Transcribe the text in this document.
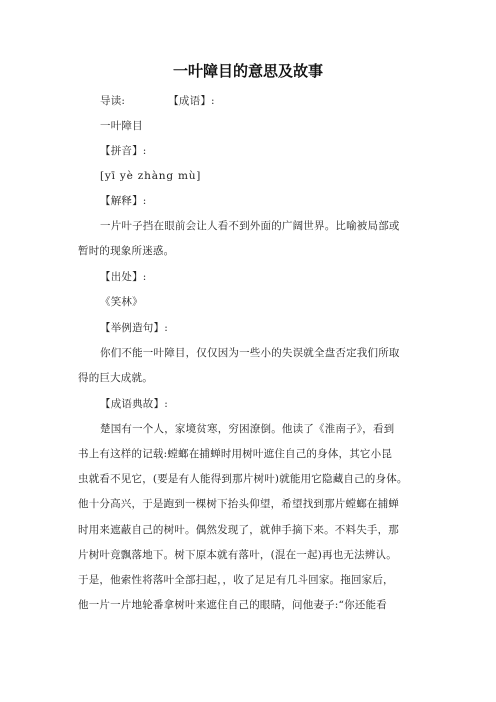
一叶障目的意思及故事
导读:	【成语】:
一叶障目
【拼音】:
[yī yè zhàng mù]
【解释】:
一片叶子挡在眼前会让人看不到外面的广阔世界。比喻被局部或
暂时的现象所迷惑。
【出处】:
《笑林》
【举例造句】:
你们不能一叶障目，仅仅因为一些小的失误就全盘否定我们所取
得的巨大成就。
【成语典故】:
楚国有一个人，家境贫寒，穷困潦倒。他读了《淮南子》，看到
书上有这样的记载:螳螂在捕蝉时用树叶遮住自己的身体，其它小昆
虫就看不见它，(要是有人能得到那片树叶)就能用它隐藏自己的身体。
他十分高兴，于是跑到一棵树下抬头仰望，希望找到那片螳螂在捕蝉
时用来遮蔽自己的树叶。偶然发现了，就伸手摘下来。不料失手，那
片树叶竟飘落地下。树下原本就有落叶，(混在一起)再也无法辨认。
于是，他索性将落叶全部扫起，，收了足足有几斗回家。拖回家后，
他一片一片地轮番拿树叶来遮住自己的眼睛，问他妻子:“你还能看
